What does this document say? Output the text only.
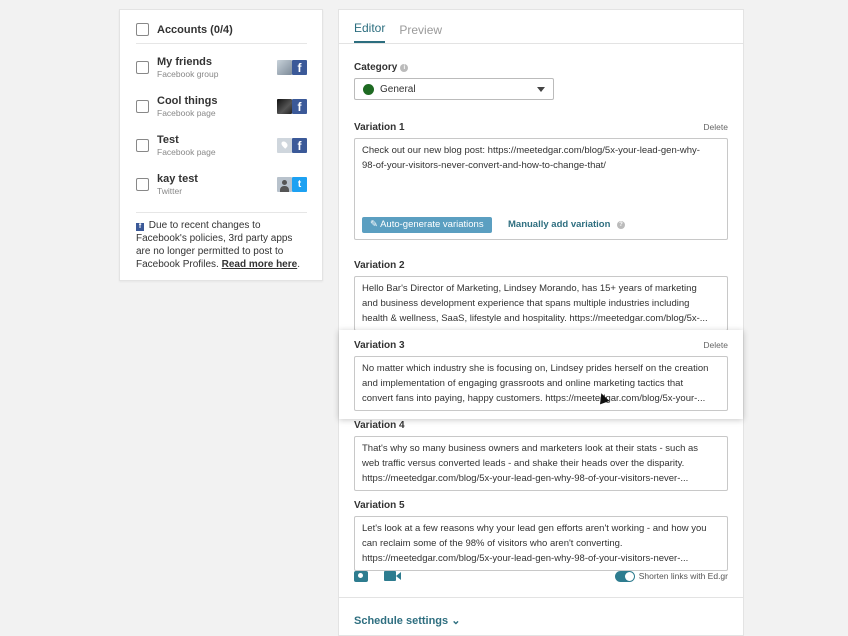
Accounts (0/4)
My friends
Facebook group	f
Cool things
Facebook page	f
Test
Facebook page	f
kay test
Twitter
t
f Due to recent changes to Facebook's policies, 3rd party apps are no longer permitted to post to Facebook Profiles. Read more here.
Editor Preview
Category	i
General
Variation 1	Delete
Check out our new blog post: https://meetedgar.com/blog/5x-your-lead-gen-why-
98-of-your-visitors-never-convert-and-how-to-change-that/
✎ Auto-generate variations	Manually add variation	?
Variation 2
Hello Bar's Director of Marketing, Lindsey Morando, has 15+ years of marketing
and business development experience that spans multiple industries including
health & wellness, SaaS, lifestyle and hospitality. https://meetedgar.com/blog/5x-...
Variation 3	Delete
No matter which industry she is focusing on, Lindsey prides herself on the creation
and implementation of engaging grassroots and online marketing tactics that
convert fans into paying, happy customers. https://meetedgar.com/blog/5x-your-...
Variation 4
That's why so many business owners and marketers look at their stats - such as
web traffic versus converted leads - and shake their heads over the disparity.
https://meetedgar.com/blog/5x-your-lead-gen-why-98-of-your-visitors-never-...
Variation 5
Let's look at a few reasons why your lead gen efforts aren't working - and how you
can reclaim some of the 98% of visitors who aren't converting.
https://meetedgar.com/blog/5x-your-lead-gen-why-98-of-your-visitors-never-...
Shorten links with Ed.gr
Schedule settings ⌄
